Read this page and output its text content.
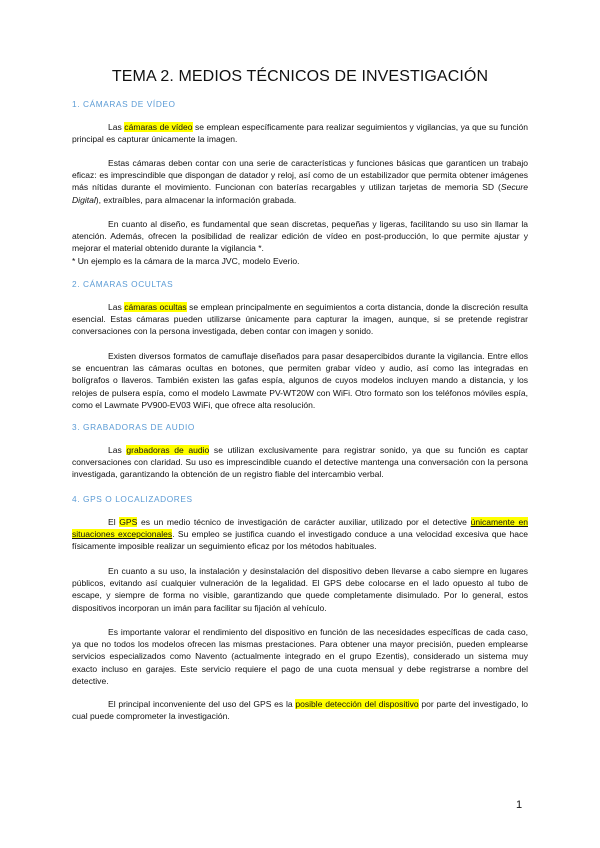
TEMA 2. MEDIOS TÉCNICOS DE INVESTIGACIÓN
1. CÁMARAS DE VÍDEO

Las cámaras de vídeo se emplean específicamente para realizar seguimientos y vigilancias, ya que su función principal es capturar únicamente la imagen.

Estas cámaras deben contar con una serie de características y funciones básicas que garanticen un trabajo eficaz: es imprescindible que dispongan de datador y reloj, así como de un estabilizador que permita obtener imágenes más nítidas durante el movimiento. Funcionan con baterías recargables y utilizan tarjetas de memoria SD (Secure Digital), extraíbles, para almacenar la información grabada.

En cuanto al diseño, es fundamental que sean discretas, pequeñas y ligeras, facilitando su uso sin llamar la atención. Además, ofrecen la posibilidad de realizar edición de vídeo en post-producción, lo que permite ajustar y mejorar el material obtenido durante la vigilancia *.

* Un ejemplo es la cámara de la marca JVC, modelo Everio.

2. CÁMARAS OCULTAS

Las cámaras ocultas se emplean principalmente en seguimientos a corta distancia, donde la discreción resulta esencial. Estas cámaras pueden utilizarse únicamente para capturar la imagen, aunque, si se pretende registrar conversaciones con la persona investigada, deben contar con imagen y sonido.

Existen diversos formatos de camuflaje diseñados para pasar desapercibidos durante la vigilancia. Entre ellos se encuentran las cámaras ocultas en botones, que permiten grabar vídeo y audio, así como las integradas en bolígrafos o llaveros. También existen las gafas espía, algunos de cuyos modelos incluyen mando a distancia, y los relojes de pulsera espía, como el modelo Lawmate PV-WT20W con WiFi. Otro formato son los teléfonos móviles espía, como el Lawmate PV900-EV03 WiFi, que ofrece alta resolución.

3. GRABADORAS DE AUDIO

Las grabadoras de audio se utilizan exclusivamente para registrar sonido, ya que su función es captar conversaciones con claridad. Su uso es imprescindible cuando el detective mantenga una conversación con la persona investigada, garantizando la obtención de un registro fiable del intercambio verbal.

4. GPS O LOCALIZADORES

El GPS es un medio técnico de investigación de carácter auxiliar, utilizado por el detective únicamente en situaciones excepcionales. Su empleo se justifica cuando el investigado conduce a una velocidad excesiva que hace físicamente imposible realizar un seguimiento eficaz por los métodos habituales.

En cuanto a su uso, la instalación y desinstalación del dispositivo deben llevarse a cabo siempre en lugares públicos, evitando así cualquier vulneración de la legalidad. El GPS debe colocarse en el lado opuesto al tubo de escape, y siempre de forma no visible, garantizando que quede completamente disimulado. Por lo general, estos dispositivos incorporan un imán para facilitar su fijación al vehículo.

Es importante valorar el rendimiento del dispositivo en función de las necesidades específicas de cada caso, ya que no todos los modelos ofrecen las mismas prestaciones. Para obtener una mayor precisión, pueden emplearse servicios especializados como Navento (actualmente integrado en el grupo Ezentis), considerado un sistema muy exacto incluso en garajes. Este servicio requiere el pago de una cuota mensual y debe registrarse a nombre del detective.

El principal inconveniente del uso del GPS es la posible detección del dispositivo por parte del investigado, lo cual puede comprometer la investigación.

1
